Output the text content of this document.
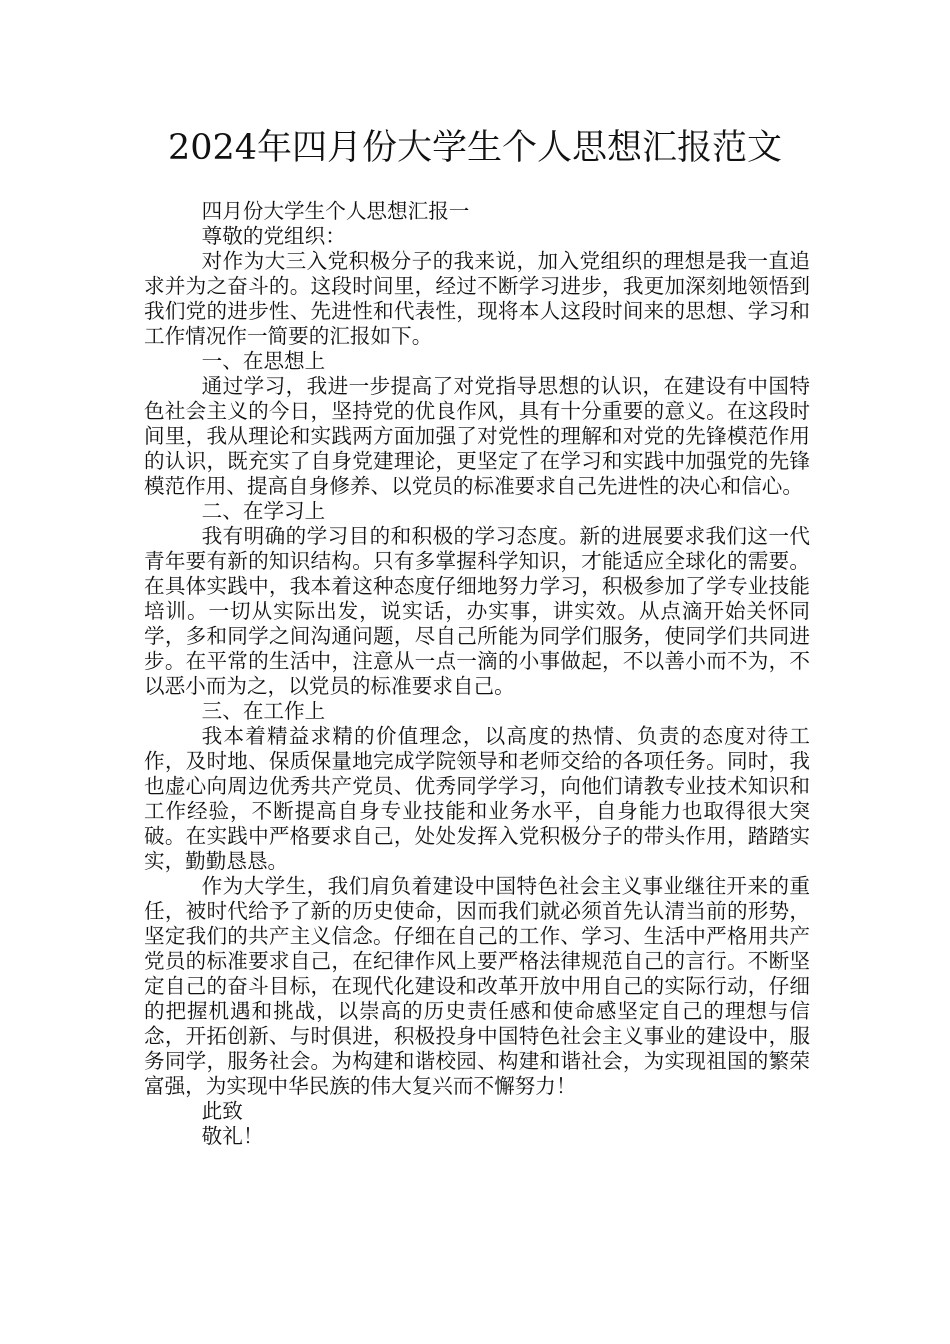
2024年四月份大学生个人思想汇报范文

四月份大学生个人思想汇报一

尊敬的党组织：

对作为大三入党积极分子的我来说，加入党组织的理想是我一直追求并为之奋斗的。这段时间里，经过不断学习进步，我更加深刻地领悟到我们党的进步性、先进性和代表性，现将本人这段时间来的思想、学习和工作情况作一简要的汇报如下。

一、在思想上

通过学习，我进一步提高了对党指导思想的认识，在建设有中国特色社会主义的今日，坚持党的优良作风，具有十分重要的意义。在这段时间里，我从理论和实践两方面加强了对党性的理解和对党的先锋模范作用的认识，既充实了自身党建理论，更坚定了在学习和实践中加强党的先锋模范作用、提高自身修养、以党员的标准要求自己先进性的决心和信心。

二、在学习上

我有明确的学习目的和积极的学习态度。新的进展要求我们这一代青年要有新的知识结构。只有多掌握科学知识，才能适应全球化的需要。在具体实践中，我本着这种态度仔细地努力学习，积极参加了学专业技能培训。一切从实际出发，说实话，办实事，讲实效。从点滴开始关怀同学，多和同学之间沟通问题，尽自己所能为同学们服务，使同学们共同进步。在平常的生活中，注意从一点一滴的小事做起，不以善小而不为，不以恶小而为之，以党员的标准要求自己。

三、在工作上

我本着精益求精的价值理念，以高度的热情、负责的态度对待工作，及时地、保质保量地完成学院领导和老师交给的各项任务。同时，我也虚心向周边优秀共产党员、优秀同学学习，向他们请教专业技术知识和工作经验，不断提高自身专业技能和业务水平，自身能力也取得很大突破。在实践中严格要求自己，处处发挥入党积极分子的带头作用，踏踏实实，勤勤恳恳。

作为大学生，我们肩负着建设中国特色社会主义事业继往开来的重任，被时代给予了新的历史使命，因而我们就必须首先认清当前的形势，坚定我们的共产主义信念。仔细在自己的工作、学习、生活中严格用共产党员的标准要求自己，在纪律作风上要严格法律规范自己的言行。不断坚定自己的奋斗目标，在现代化建设和改革开放中用自己的实际行动，仔细的把握机遇和挑战，以崇高的历史责任感和使命感坚定自己的理想与信念，开拓创新、与时俱进，积极投身中国特色社会主义事业的建设中，服务同学，服务社会。为构建和谐校园、构建和谐社会，为实现祖国的繁荣富强，为实现中华民族的伟大复兴而不懈努力！

此致

敬礼！
